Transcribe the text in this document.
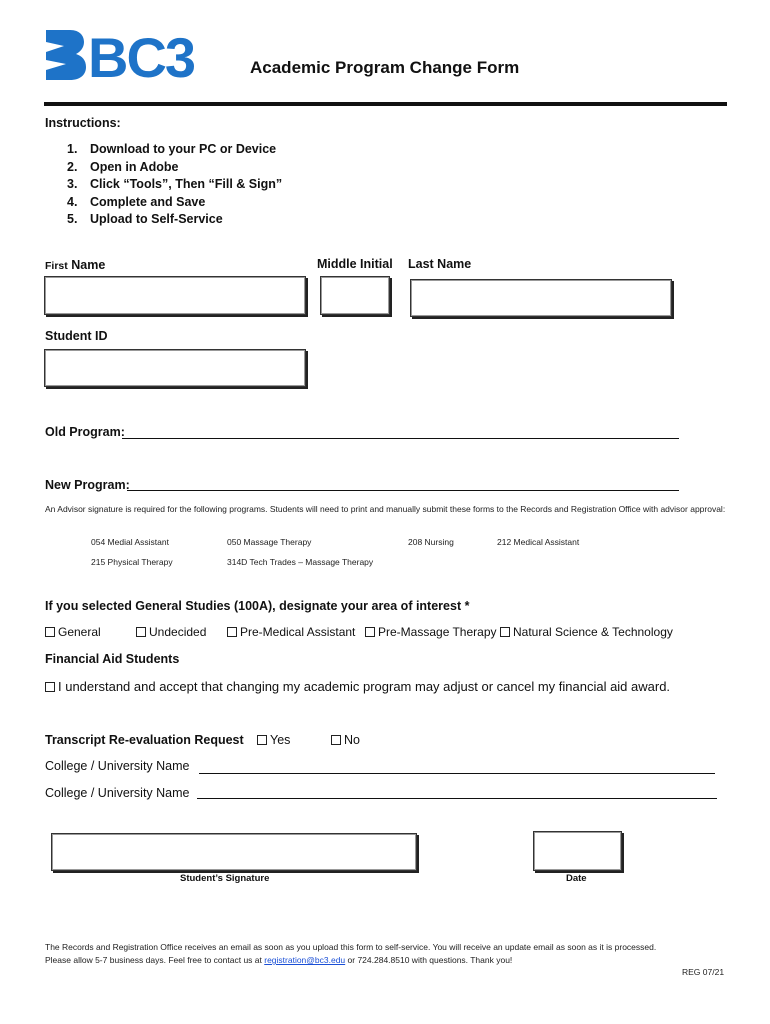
BC3	Academic Program Change Form
Instructions:
1. Download to your PC or Device
2. Open in Adobe
3. Click “Tools”, Then “Fill & Sign”
4. Complete and Save
5. Upload to Self-Service
First Name	Middle Initial Last Name
Student ID
Old Program:
New Program:
An Advisor signature is required for the following programs. Students will need to print and manually submit these forms to the Records and Registration Office with advisor approval:
054 Medial Assistant	050 Massage Therapy	208 Nursing	212 Medical Assistant
215 Physical Therapy	314D Tech Trades – Massage Therapy
If you selected General Studies (100A), designate your area of interest *
General	Undecided	Pre-Medical Assistant	Pre-Massage Therapy	Natural Science & Technology
Financial Aid Students
I understand and accept that changing my academic program may adjust or cancel my financial aid award.
Transcript Re-evaluation Request	Yes	No
College / University Name
College / University Name
Student’s Signature	Date
The Records and Registration Office receives an email as soon as you upload this form to self-service. You will receive an update email as soon as it is processed.
Please allow 5-7 business days. Feel free to contact us at registration@bc3.edu or 724.284.8510 with questions. Thank you!
REG 07/21
